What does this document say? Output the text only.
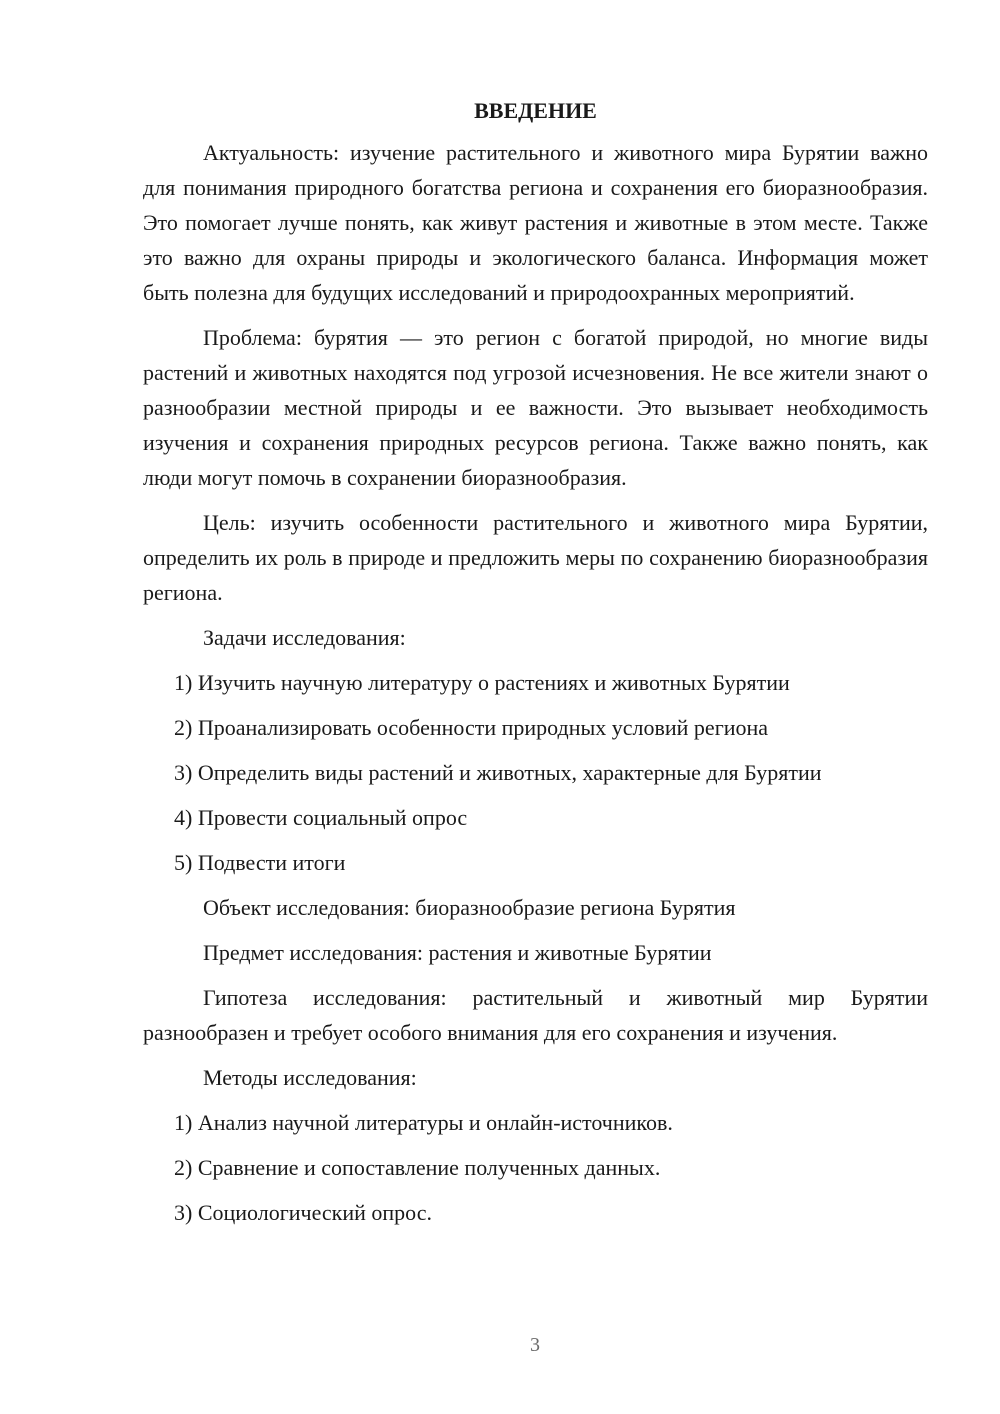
ВВЕДЕНИЕ

Актуальность: изучение растительного и животного мира Бурятии важно для понимания природного богатства региона и сохранения его биоразнообразия. Это помогает лучше понять, как живут растения и животные в этом месте. Также это важно для охраны природы и экологического баланса. Информация может быть полезна для будущих исследований и природоохранных мероприятий.

Проблема: бурятия — это регион с богатой природой, но многие виды растений и животных находятся под угрозой исчезновения. Не все жители знают о разнообразии местной природы и ее важности. Это вызывает необходимость изучения и сохранения природных ресурсов региона. Также важно понять, как люди могут помочь в сохранении биоразнообразия.

Цель: изучить особенности растительного и животного мира Бурятии, определить их роль в природе и предложить меры по сохранению биоразнообразия региона.

Задачи исследования:

1) Изучить научную литературу о растениях и животных Бурятии

2) Проанализировать особенности природных условий региона

3) Определить виды растений и животных, характерные для Бурятии

4) Провести социальный опрос

5) Подвести итоги

Объект исследования: биоразнообразие региона Бурятия

Предмет исследования: растения и животные Бурятии

Гипотеза исследования: растительный и животный мир Бурятии разнообразен и требует особого внимания для его сохранения и изучения.

Методы исследования:

1) Анализ научной литературы и онлайн-источников.

2) Сравнение и сопоставление полученных данных.

3) Социологический опрос.

3
